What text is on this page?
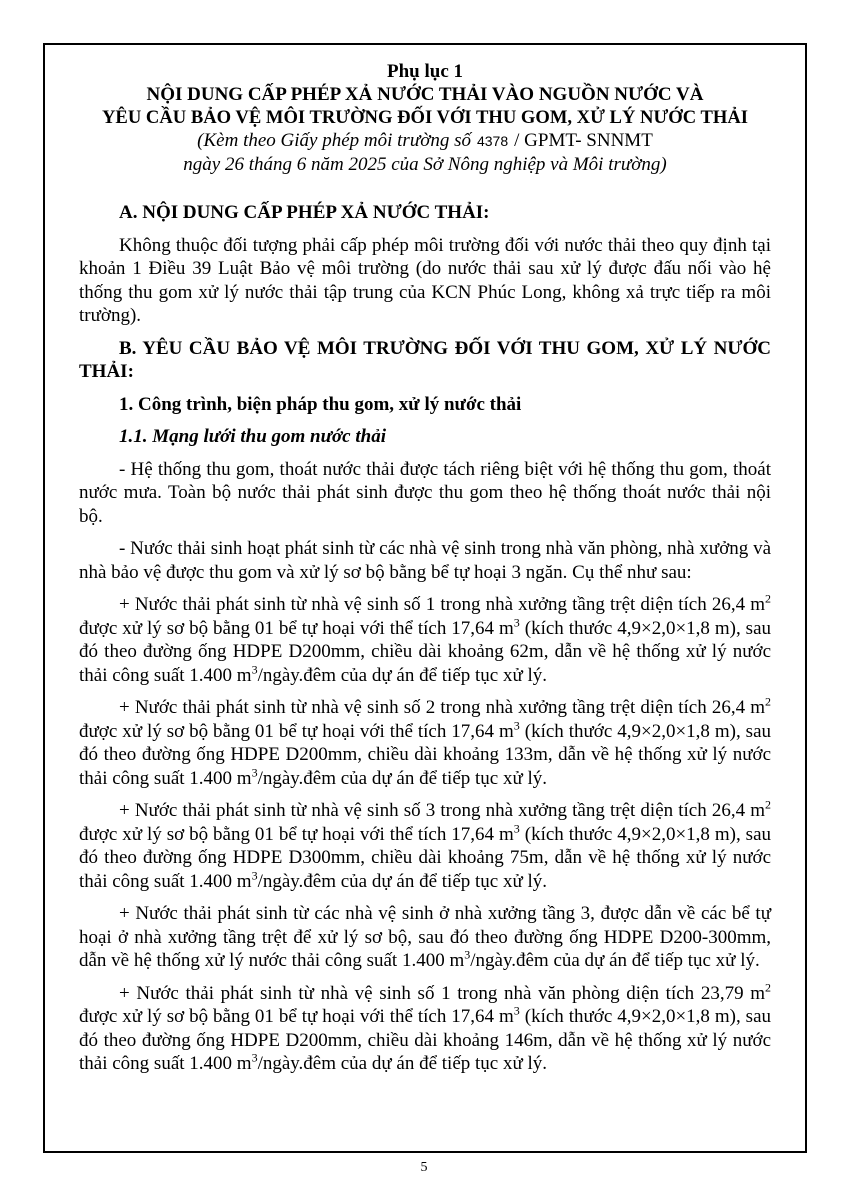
Phụ lục 1
NỘI DUNG CẤP PHÉP XẢ NƯỚC THẢI VÀO NGUỒN NƯỚC VÀ
YÊU CẦU BẢO VỆ MÔI TRƯỜNG ĐỐI VỚI THU GOM, XỬ LÝ NƯỚC THẢI
(Kèm theo Giấy phép môi trường số 4378 / GPMT- SNNMT
ngày 26 tháng 6 năm 2025 của Sở Nông nghiệp và Môi trường)

A. NỘI DUNG CẤP PHÉP XẢ NƯỚC THẢI:

Không thuộc đối tượng phải cấp phép môi trường đối với nước thải theo quy định tại khoản 1 Điều 39 Luật Bảo vệ môi trường (do nước thải sau xử lý được đấu nối vào hệ thống thu gom xử lý nước thải tập trung của KCN Phúc Long, không xả trực tiếp ra môi trường).

B. YÊU CẦU BẢO VỆ MÔI TRƯỜNG ĐỐI VỚI THU GOM, XỬ LÝ NƯỚC THẢI:

1. Công trình, biện pháp thu gom, xử lý nước thải

1.1. Mạng lưới thu gom nước thải

- Hệ thống thu gom, thoát nước thải được tách riêng biệt với hệ thống thu gom, thoát nước mưa. Toàn bộ nước thải phát sinh được thu gom theo hệ thống thoát nước thải nội bộ.

- Nước thải sinh hoạt phát sinh từ các nhà vệ sinh trong nhà văn phòng, nhà xưởng và nhà bảo vệ được thu gom và xử lý sơ bộ bằng bể tự hoại 3 ngăn. Cụ thể như sau:

+ Nước thải phát sinh từ nhà vệ sinh số 1 trong nhà xưởng tầng trệt diện tích 26,4 $m^2$ được xử lý sơ bộ bằng 01 bể tự hoại với thể tích 17,64 $m^3$ (kích thước 4,9×2,0×1,8 m), sau đó theo đường ống HDPE D200mm, chiều dài khoảng 62m, dẫn về hệ thống xử lý nước thải công suất 1.400 $m^3/ngày.đêm$ của dự án để tiếp tục xử lý.

+ Nước thải phát sinh từ nhà vệ sinh số 2 trong nhà xưởng tầng trệt diện tích 26,4 $m^2$ được xử lý sơ bộ bằng 01 bể tự hoại với thể tích 17,64 $m^3$ (kích thước 4,9×2,0×1,8 m), sau đó theo đường ống HDPE D200mm, chiều dài khoảng 133m, dẫn về hệ thống xử lý nước thải công suất 1.400 $m^3/ngày.đêm$ của dự án để tiếp tục xử lý.

+ Nước thải phát sinh từ nhà vệ sinh số 3 trong nhà xưởng tầng trệt diện tích 26,4 $m^2$ được xử lý sơ bộ bằng 01 bể tự hoại với thể tích 17,64 $m^3$ (kích thước 4,9×2,0×1,8 m), sau đó theo đường ống HDPE D300mm, chiều dài khoảng 75m, dẫn về hệ thống xử lý nước thải công suất 1.400 $m^3/ngày.đêm$ của dự án để tiếp tục xử lý.

+ Nước thải phát sinh từ các nhà vệ sinh ở nhà xưởng tầng 3, được dẫn về các bể tự hoại ở nhà xưởng tầng trệt để xử lý sơ bộ, sau đó theo đường ống HDPE D200-300mm, dẫn về hệ thống xử lý nước thải công suất 1.400 $m^3/ngày.đêm$ của dự án để tiếp tục xử lý.

+ Nước thải phát sinh từ nhà vệ sinh số 1 trong nhà văn phòng diện tích 23,79 $m^2$ được xử lý sơ bộ bằng 01 bể tự hoại với thể tích 17,64 $m^3$ (kích thước 4,9×2,0×1,8 m), sau đó theo đường ống HDPE D200mm, chiều dài khoảng 146m, dẫn về hệ thống xử lý nước thải công suất 1.400 $m^3/ngày.đêm$ của dự án để tiếp tục xử lý.

5
